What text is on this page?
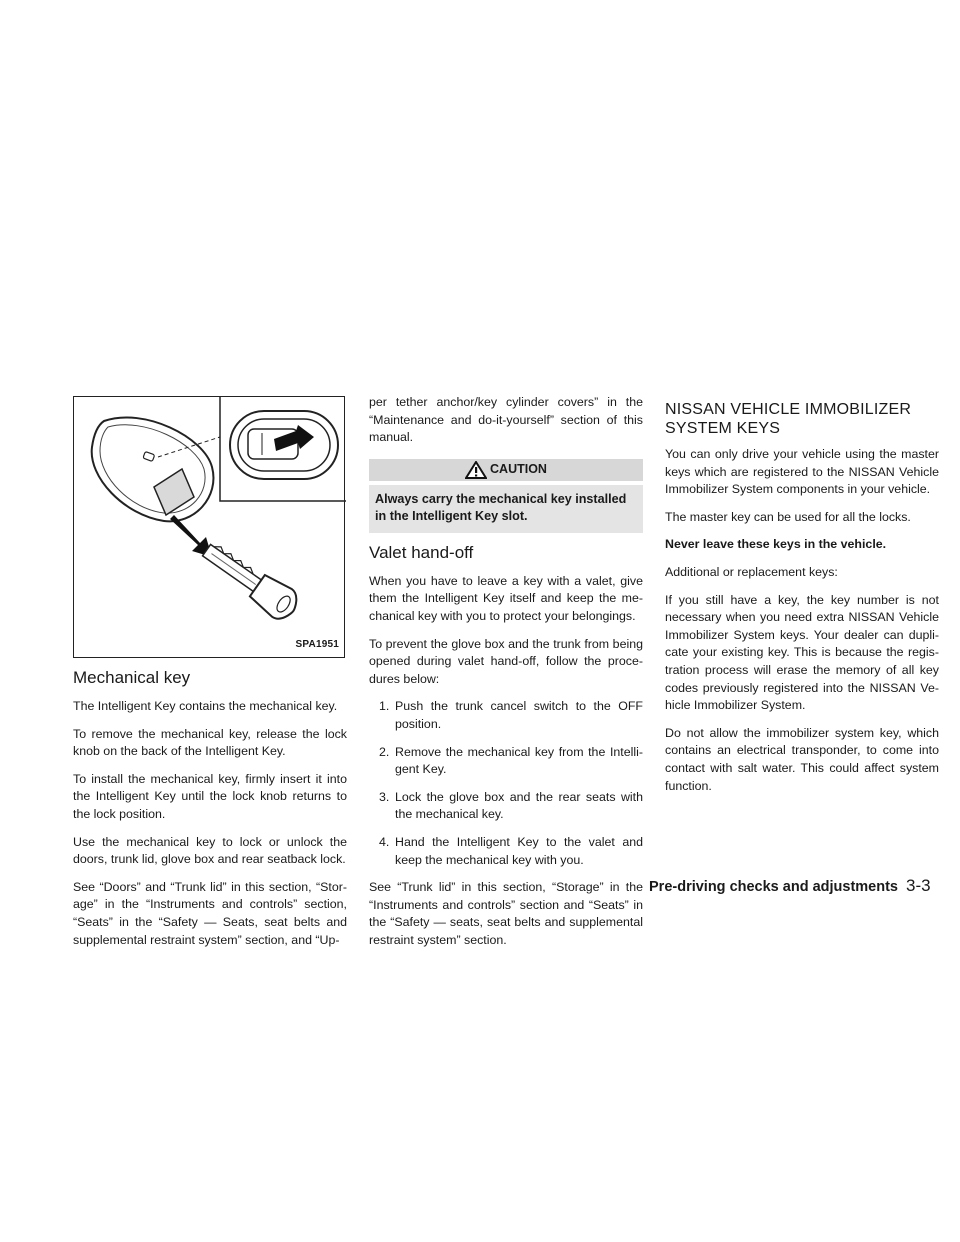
SPA1951
Mechanical key

The Intelligent Key contains the mechanical key.

To remove the mechanical key, release the lock knob on the back of the Intelligent Key.

To install the mechanical key, firmly insert it into the Intelligent Key until the lock knob returns to the lock position.

Use the mechanical key to lock or unlock the doors, trunk lid, glove box and rear seatback lock.

See “Doors” and “Trunk lid” in this section, “Stor- age” in the “Instruments and controls” section, “Seats” in the “Safety — Seats, seat belts and supplemental restraint system” section, and “Up-

per tether anchor/key cylinder covers” in the “Maintenance and do-it-yourself” section of this manual.

CAUTION
Always carry the mechanical key installed in the Intelligent Key slot.
Valet hand-off

When you have to leave a key with a valet, give them the Intelligent Key itself and keep the me- chanical key with you to protect your belongings.

To prevent the glove box and the trunk from being opened during valet hand-off, follow the proce- dures below:

1. Push the trunk cancel switch to the OFF position.
2. Remove the mechanical key from the Intelli- gent Key.
3. Lock the glove box and the rear seats with the mechanical key.
4. Hand the Intelligent Key to the valet and keep the mechanical key with you.

See “Trunk lid” in this section, “Storage” in the “Instruments and controls” section and “Seats” in the “Safety — seats, seat belts and supplemental restraint system” section.

NISSAN VEHICLE IMMOBILIZER
SYSTEM KEYS

You can only drive your vehicle using the master keys which are registered to the NISSAN Vehicle Immobilizer System components in your vehicle.

The master key can be used for all the locks.

Never leave these keys in the vehicle.

Additional or replacement keys:

If you still have a key, the key number is not necessary when you need extra NISSAN Vehicle Immobilizer System keys. Your dealer can dupli- cate your existing key. This is because the regis- tration process will erase the memory of all key codes previously registered into the NISSAN Ve- hicle Immobilizer System.

Do not allow the immobilizer system key, which contains an electrical transponder, to come into contact with salt water. This could affect system function.

Pre-driving checks and adjustments 3-3
